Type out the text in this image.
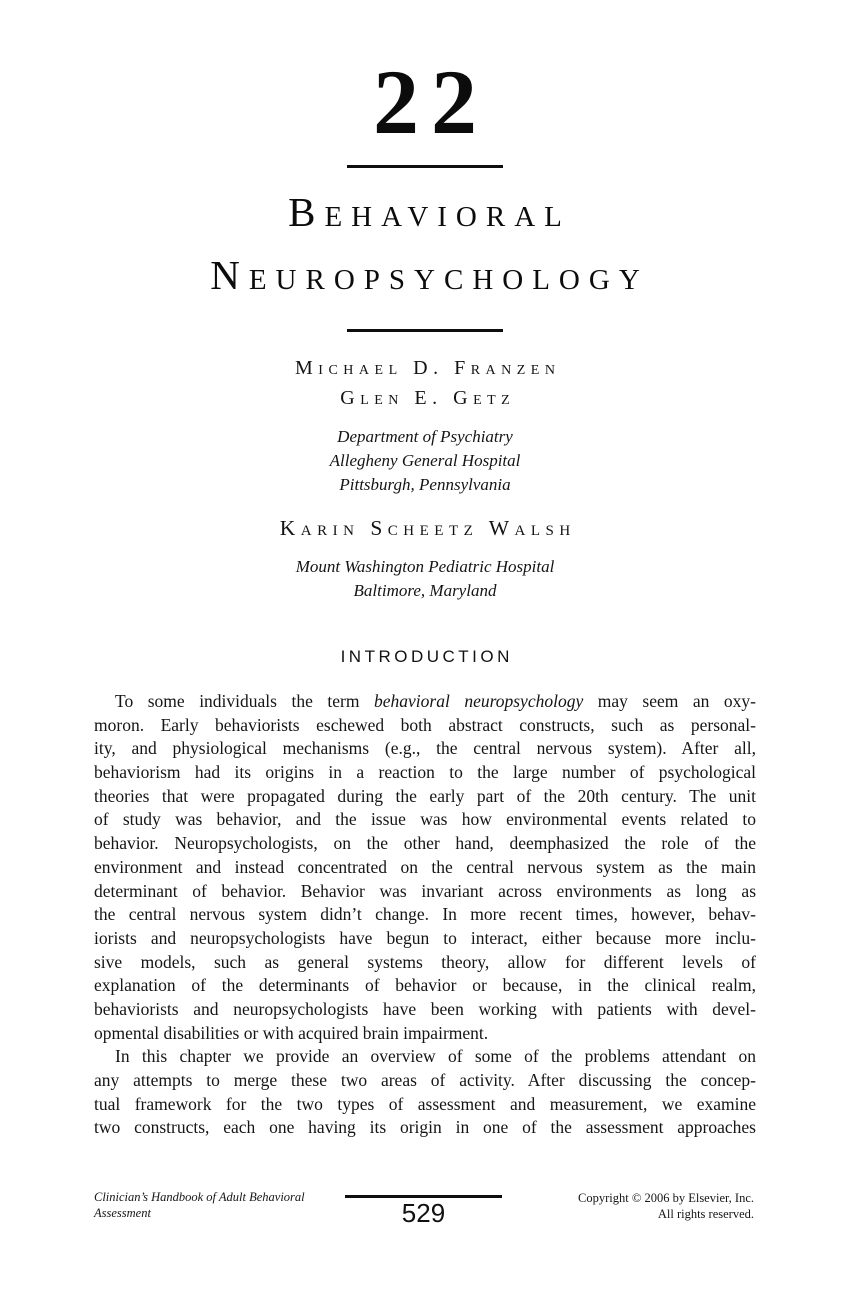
22
Behavioral
Neuropsychology
Michael D. Franzen
Glen E. Getz
Department of Psychiatry
Allegheny General Hospital
Pittsburgh, Pennsylvania
Karin Scheetz Walsh
Mount Washington Pediatric Hospital
Baltimore, Maryland
INTRODUCTION
To some individuals the term behavioral neuropsychology may seem an oxy-
moron. Early behaviorists eschewed both abstract constructs, such as personal-
ity, and physiological mechanisms (e.g., the central nervous system). After all,
behaviorism had its origins in a reaction to the large number of psychological
theories that were propagated during the early part of the 20th century. The unit
of study was behavior, and the issue was how environmental events related to
behavior. Neuropsychologists, on the other hand, deemphasized the role of the
environment and instead concentrated on the central nervous system as the main
determinant of behavior. Behavior was invariant across environments as long as
the central nervous system didn’t change. In more recent times, however, behav-
iorists and neuropsychologists have begun to interact, either because more inclu-
sive models, such as general systems theory, allow for different levels of
explanation of the determinants of behavior or because, in the clinical realm,
behaviorists and neuropsychologists have been working with patients with devel-
opmental disabilities or with acquired brain impairment.
In this chapter we provide an overview of some of the problems attendant on
any attempts to merge these two areas of activity. After discussing the concep-
tual framework for the two types of assessment and measurement, we examine
two constructs, each one having its origin in one of the assessment approaches
Clinician’s Handbook of Adult Behavioral
Assessment	529	Copyright © 2006 by Elsevier, Inc.
All rights reserved.
